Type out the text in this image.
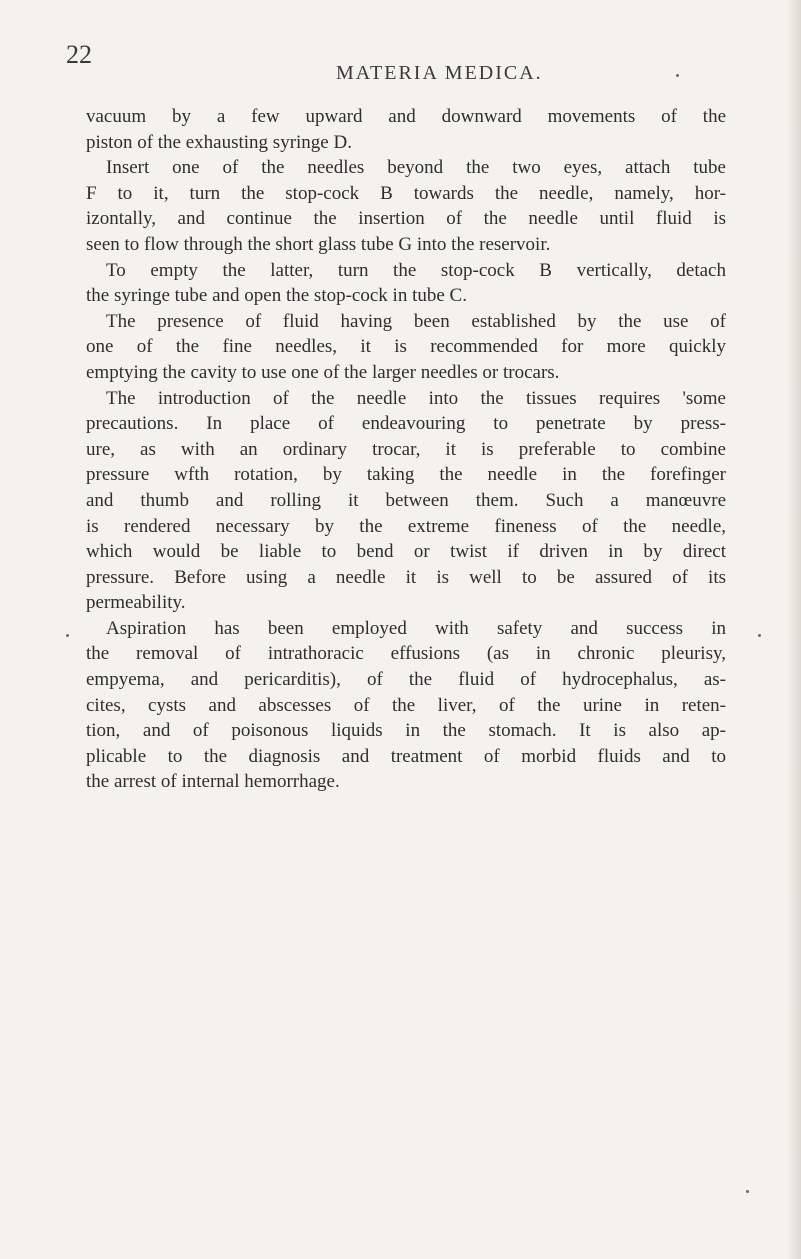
22
MATERIA MEDICA.
vacuum by a few upward and downward movements of the
piston of the exhausting syringe D.
Insert one of the needles beyond the two eyes, attach tube
F to it, turn the stop-cock B towards the needle, namely, hor-
izontally, and continue the insertion of the needle until fluid is
seen to flow through the short glass tube G into the reservoir.
To empty the latter, turn the stop-cock B vertically, detach
the syringe tube and open the stop-cock in tube C.
The presence of fluid having been established by the use of
one of the fine needles, it is recommended for more quickly
emptying the cavity to use one of the larger needles or trocars.
The introduction of the needle into the tissues requires 'some
precautions. In place of endeavouring to penetrate by press-
ure, as with an ordinary trocar, it is preferable to combine
pressure wfth rotation, by taking the needle in the forefinger
and thumb and rolling it between them. Such a manœuvre
is rendered necessary by the extreme fineness of the needle,
which would be liable to bend or twist if driven in by direct
pressure. Before using a needle it is well to be assured of its
permeability.
Aspiration has been employed with safety and success in
the removal of intrathoracic effusions (as in chronic pleurisy,
empyema, and pericarditis), of the fluid of hydrocephalus, as-
cites, cysts and abscesses of the liver, of the urine in reten-
tion, and of poisonous liquids in the stomach. It is also ap-
plicable to the diagnosis and treatment of morbid fluids and to
the arrest of internal hemorrhage.
